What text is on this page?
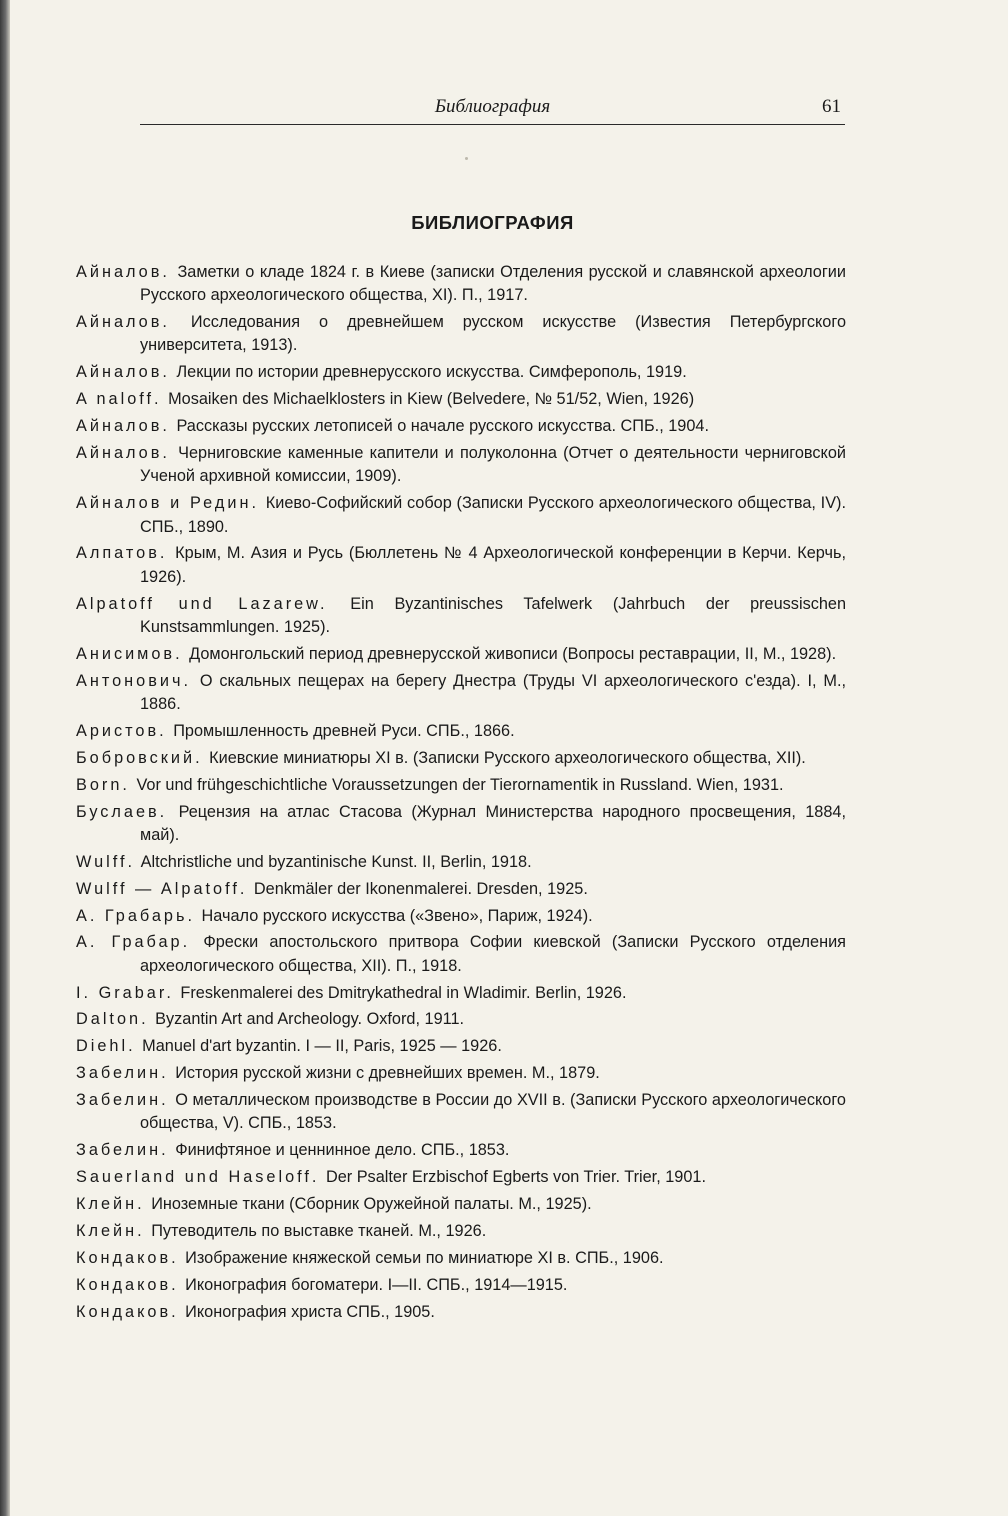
Библиография	61
БИБЛИОГРАФИЯ

Айналов. Заметки о кладе 1824 г. в Киеве (записки Отделения русской и славянской археологии Русского археологического общества, XI). П., 1917.

Айналов. Исследования о древнейшем русском искусстве (Известия Петербургского университета, 1913).

Айналов. Лекции по истории древнерусского искусства. Симферополь, 1919.

A naloff. Mosaiken des Michaelklosters in Kiew (Belvedere, № 51/52, Wien, 1926)

Айналов. Рассказы русских летописей о начале русского искусства. СПБ., 1904.

Айналов. Черниговские каменные капители и полуколонна (Отчет о деятельности черниговской Ученой архивной комиссии, 1909).

Айналов и Редин. Киево-Софийский собор (Записки Русского археологического общества, IV). СПБ., 1890.

Алпатов. Крым, М. Азия и Русь (Бюллетень № 4 Археологической конференции в Керчи. Керчь, 1926).

Alpatoff und Lazarew. Ein Byzantinisches Tafelwerk (Jahrbuch der preussischen Kunstsammlungen. 1925).

Анисимов. Домонгольский период древнерусской живописи (Вопросы реставрации, II, М., 1928).

Антонович. О скальных пещерах на берегу Днестра (Труды VI археологического с'езда). I, М., 1886.

Аристов. Промышленность древней Руси. СПБ., 1866.

Бобровский. Киевские миниатюры XI в. (Записки Русского археологического общества, XII).

Born. Vor und frühgeschichtliche Voraussetzungen der Tierornamentik in Russland. Wien, 1931.

Буслаев. Рецензия на атлас Стасова (Журнал Министерства народного просвещения, 1884, май).

Wulff. Altchristliche und byzantinische Kunst. II, Berlin, 1918.

Wulff — Alpatoff. Denkmäler der Ikonenmalerei. Dresden, 1925.

А. Грабарь. Начало русского искусства («Звено», Париж, 1924).

А. Грабар. Фрески апостольского притвора Софии киевской (Записки Русского отделения археологического общества, XII). П., 1918.

I. Grabar. Freskenmalerei des Dmitrykathedral in Wladimir. Berlin, 1926.

Dalton. Byzantin Art and Archeology. Oxford, 1911.

Diehl. Manuel d'art byzantin. I — II, Paris, 1925 — 1926.

Забелин. История русской жизни с древнейших времен. М., 1879.

Забелин. О металлическом производстве в России до XVII в. (Записки Русского археологического общества, V). СПБ., 1853.

Забелин. Финифтяное и ценнинное дело. СПБ., 1853.

Sauerland und Haseloff. Der Psalter Erzbischof Egberts von Trier. Trier, 1901.

Клейн. Иноземные ткани (Сборник Оружейной палаты. М., 1925).

Клейн. Путеводитель по выставке тканей. М., 1926.

Кондаков. Изображение княжеской семьи по миниатюре XI в. СПБ., 1906.

Кондаков. Иконография богоматери. I—II. СПБ., 1914—1915.

Кондаков. Иконография христа СПБ., 1905.
